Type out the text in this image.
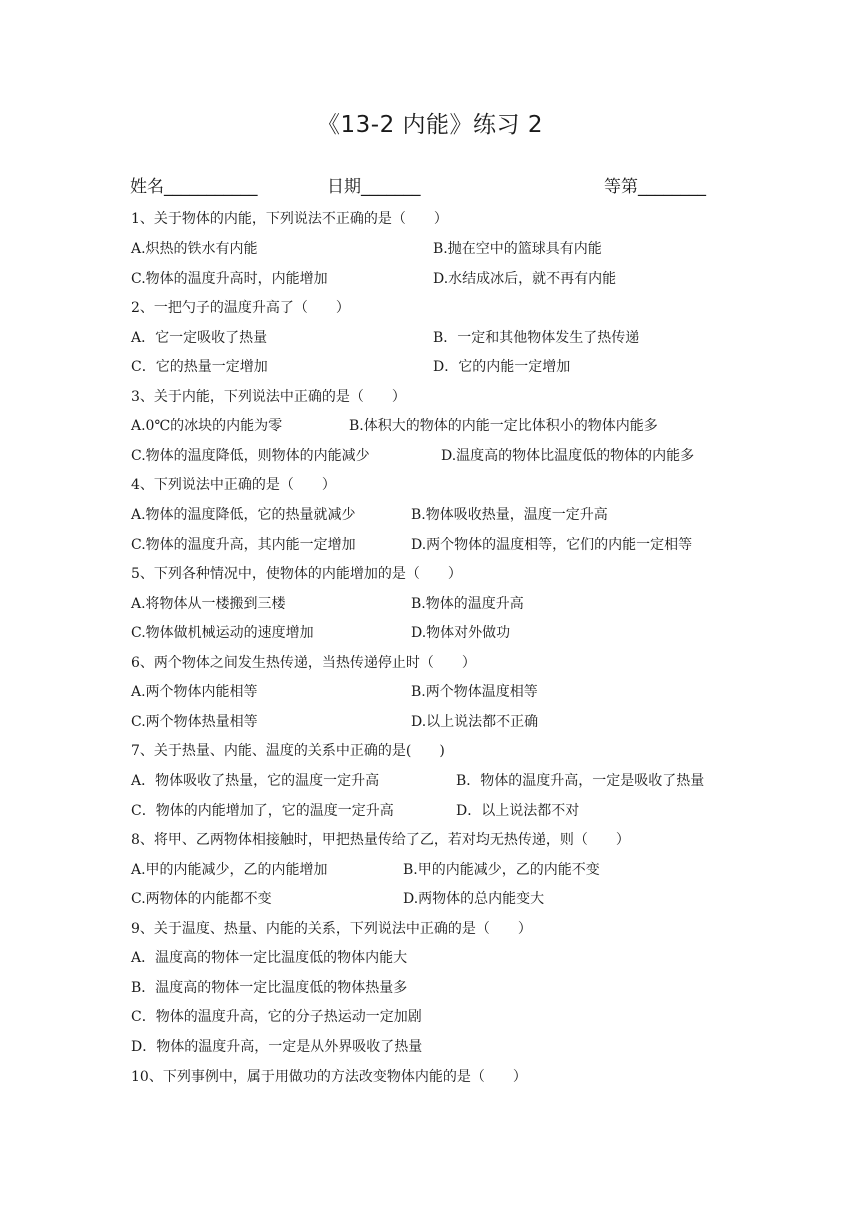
《13-2 内能》练习 2
姓名___________	日期_______	等第________
1、关于物体的内能，下列说法不正确的是（　　）
A.炽热的铁水有内能	B.抛在空中的篮球具有内能
C.物体的温度升高时，内能增加	D.水结成冰后，就不再有内能
2、一把勺子的温度升高了（　　）
A．它一定吸收了热量	B．一定和其他物体发生了热传递
C．它的热量一定增加	D．它的内能一定增加
3、关于内能，下列说法中正确的是（　　）
A.0℃的冰块的内能为零	B.体积大的物体的内能一定比体积小的物体内能多
C.物体的温度降低，则物体的内能减少	D.温度高的物体比温度低的物体的内能多
4、下列说法中正确的是（　　）
A.物体的温度降低，它的热量就减少	B.物体吸收热量，温度一定升高
C.物体的温度升高，其内能一定增加	D.两个物体的温度相等，它们的内能一定相等
5、下列各种情况中，使物体的内能增加的是（　　）
A.将物体从一楼搬到三楼	B.物体的温度升高
C.物体做机械运动的速度增加	D.物体对外做功
6、两个物体之间发生热传递，当热传递停止时（　　）
A.两个物体内能相等	B.两个物体温度相等
C.两个物体热量相等	D.以上说法都不正确
7、关于热量、内能、温度的关系中正确的是(　　)
A．物体吸收了热量，它的温度一定升高	B．物体的温度升高，一定是吸收了热量
C．物体的内能增加了，它的温度一定升高	D．以上说法都不对
8、将甲、乙两物体相接触时，甲把热量传给了乙，若对均无热传递，则（　　）
A.甲的内能减少，乙的内能增加	B.甲的内能减少，乙的内能不变
C.两物体的内能都不变	D.两物体的总内能变大
9、关于温度、热量、内能的关系，下列说法中正确的是（　　）
A．温度高的物体一定比温度低的物体内能大
B．温度高的物体一定比温度低的物体热量多
C．物体的温度升高，它的分子热运动一定加剧
D．物体的温度升高，一定是从外界吸收了热量
10、下列事例中，属于用做功的方法改变物体内能的是（　　）
